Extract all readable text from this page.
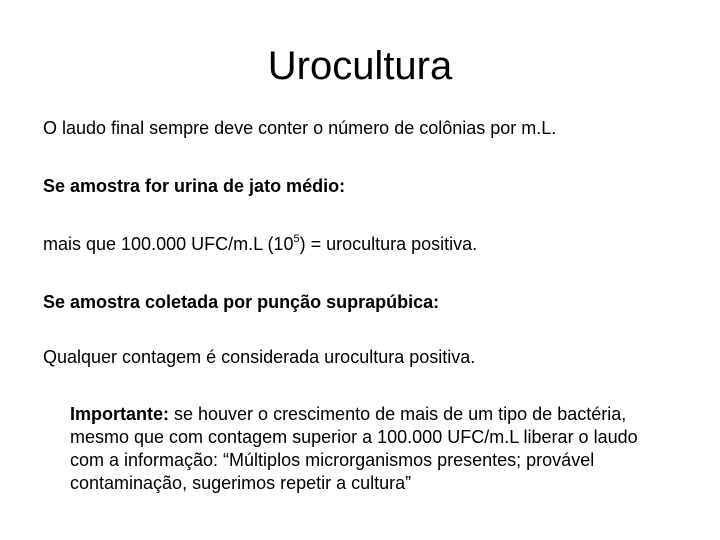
Urocultura

O laudo final sempre deve conter o número de colônias por m.L.

Se amostra for urina de jato médio:

mais que 100.000 UFC/m.L $(10^5)$ = urocultura positiva.

Se amostra coletada por punção suprapúbica:

Qualquer contagem é considerada urocultura positiva.

Importante: se houver o crescimento de mais de um tipo de bactéria,
mesmo que com contagem superior a 100.000 UFC/m.L liberar o laudo
com a informação: “Múltiplos microrganismos presentes; provável
contaminação, sugerimos repetir a cultura”
